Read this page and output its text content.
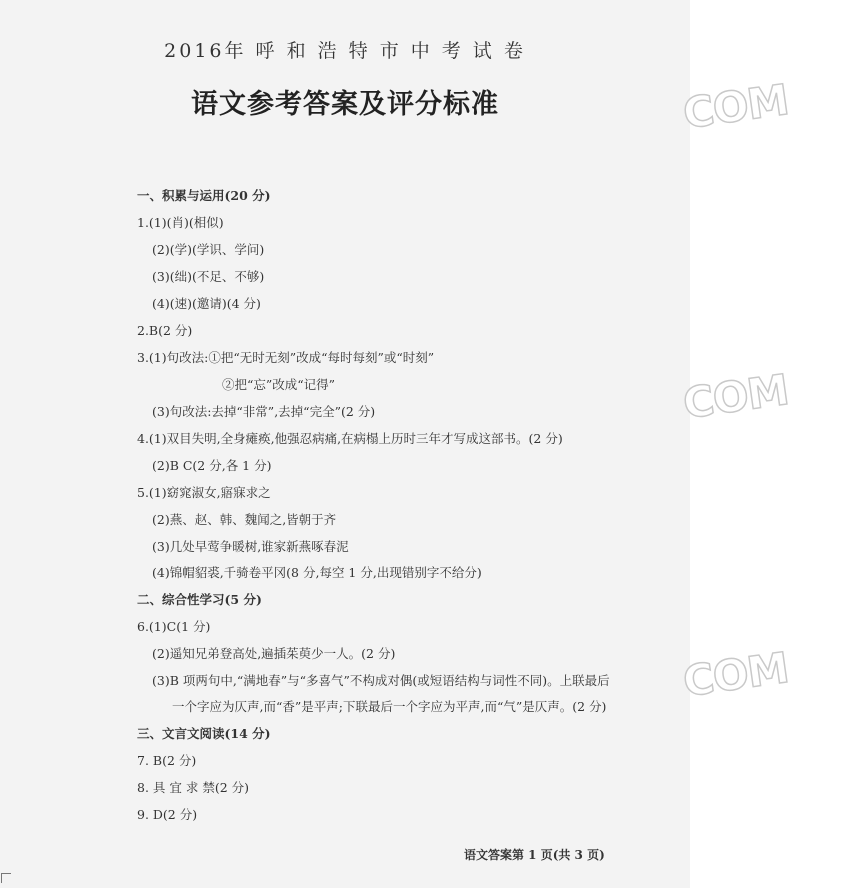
2016年 呼 和 浩 特 市 中 考 试 卷
语文参考答案及评分标准
一、积累与运用(20 分)
1.(1)(肖)(相似)
(2)(学)(学识、学问)
(3)(绌)(不足、不够)
(4)(速)(邀请)(4 分)
2.B(2 分)
3.(1)句改法:①把“无时无刻”改成“每时每刻”或“时刻”
②把“忘”改成“记得”
(3)句改法:去掉“非常”,去掉“完全”(2 分)
4.(1)双目失明,全身瘫痪,他强忍病痛,在病榻上历时三年才写成这部书。(2 分)
(2)B C(2 分,各 1 分)
5.(1)窈窕淑女,寤寐求之
(2)燕、赵、韩、魏闻之,皆朝于齐
(3)几处早莺争暖树,谁家新燕啄春泥
(4)锦帽貂裘,千骑卷平冈(8 分,每空 1 分,出现错别字不给分)
二、综合性学习(5 分)
6.(1)C(1 分)
(2)遥知兄弟登高处,遍插茱萸少一人。(2 分)
(3)B 项两句中,“满地春”与“多喜气”不构成对偶(或短语结构与词性不同)。上联最后
一个字应为仄声,而“香”是平声;下联最后一个字应为平声,而“气”是仄声。(2 分)
三、文言文阅读(14 分)
7. B(2 分)
8. 具 宜 求 禁(2 分)
9. D(2 分)
语文答案第 1 页(共 3 页)
COM
COM
COM
